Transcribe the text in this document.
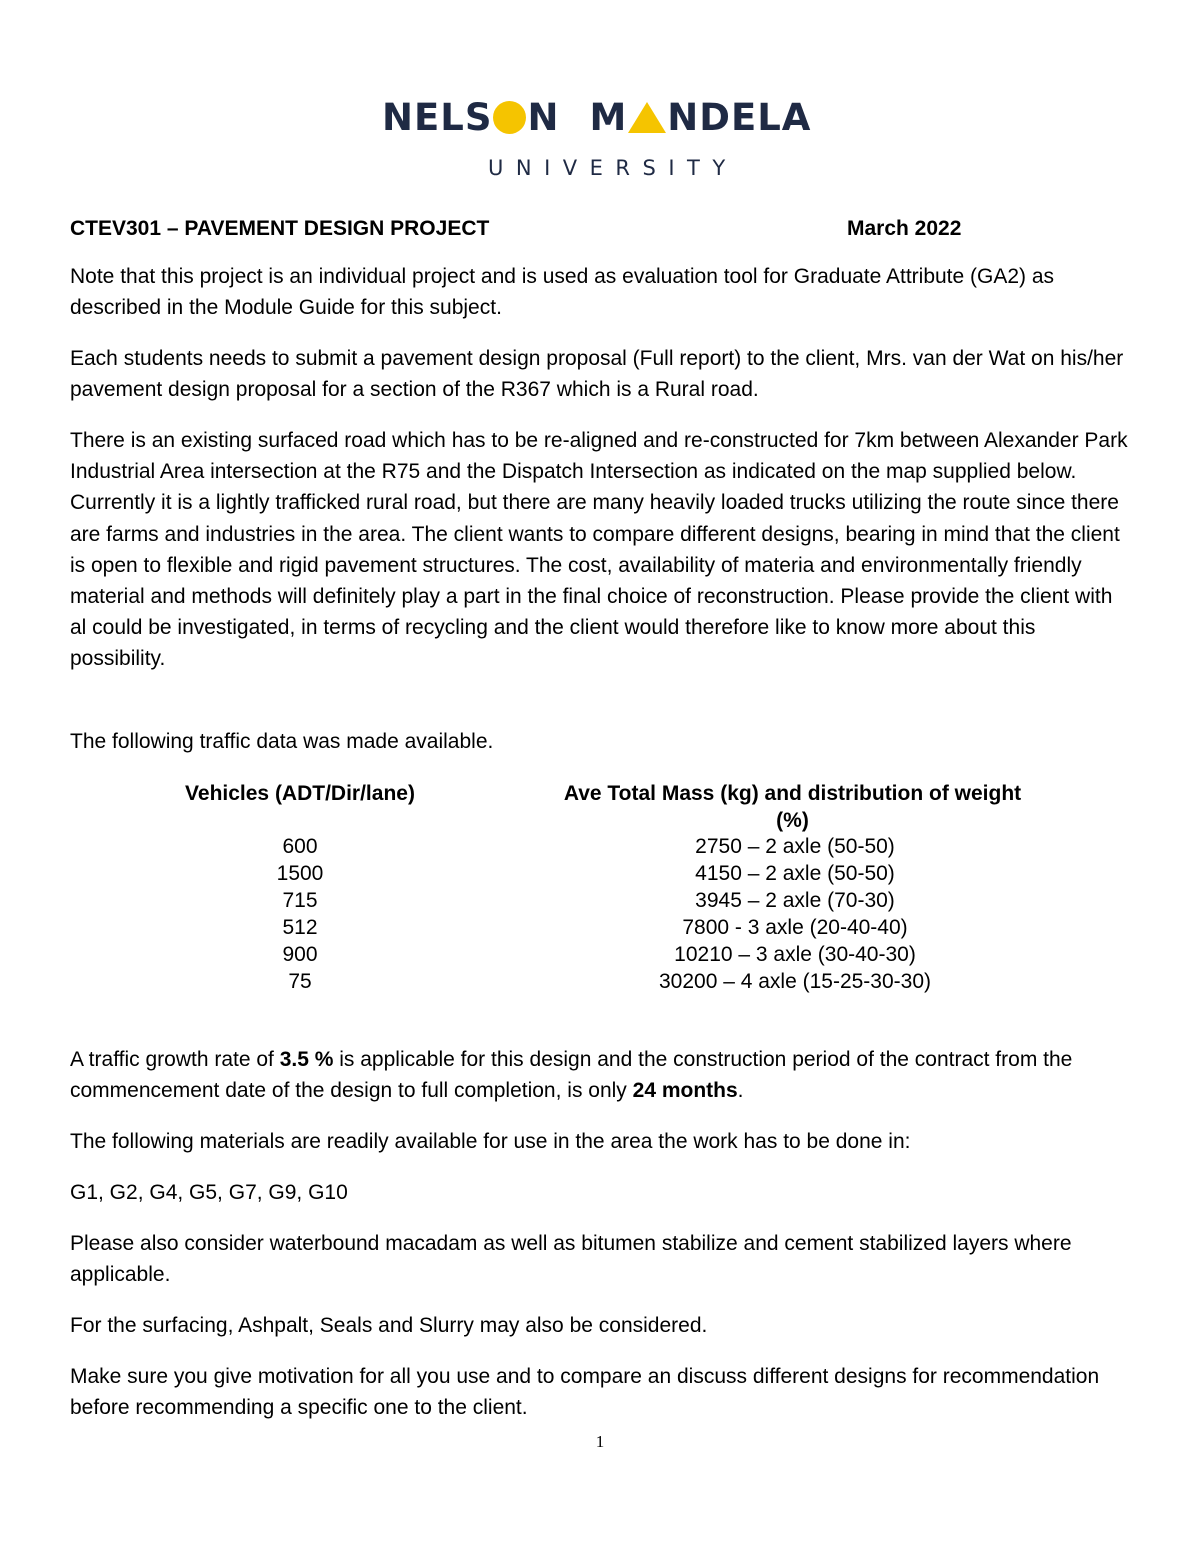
NELS N M NDELA
UNIVERSITY
CTEV301 – PAVEMENT DESIGN PROJECT	March 2022

Note that this project is an individual project and is used as evaluation tool for Graduate Attribute (GA2) as described in the Module Guide for this subject.

Each students needs to submit a pavement design proposal (Full report) to the client, Mrs. van der Wat on his/her pavement design proposal for a section of the R367 which is a Rural road.

There is an existing surfaced road which has to be re-aligned and re-constructed for 7km between Alexander Park Industrial Area intersection at the R75 and the Dispatch Intersection as indicated on the map supplied below. Currently it is a lightly trafficked rural road, but there are many heavily loaded trucks utilizing the route since there are farms and industries in the area. The client wants to compare different designs, bearing in mind that the client is open to flexible and rigid pavement structures. The cost, availability of materia and environmentally friendly material and methods will definitely play a part in the final choice of reconstruction. Please provide the client with al could be investigated, in terms of recycling and the client would therefore like to know more about this possibility.

The following traffic data was made available.

Vehicles (ADT/Dir/lane)	Ave Total Mass (kg) and distribution of weight (%)
600	2750 – 2 axle (50-50)
1500	4150 – 2 axle (50-50)
715	3945 – 2 axle (70-30)
512	7800 - 3 axle (20-40-40)
900	10210 – 3 axle (30-40-30)
75	30200 – 4 axle (15-25-30-30)

A traffic growth rate of 3.5 % is applicable for this design and the construction period of the contract from the commencement date of the design to full completion, is only 24 months.

The following materials are readily available for use in the area the work has to be done in:

G1, G2, G4, G5, G7, G9, G10

Please also consider waterbound macadam as well as bitumen stabilize and cement stabilized layers where applicable.

For the surfacing, Ashpalt, Seals and Slurry may also be considered.

Make sure you give motivation for all you use and to compare an discuss different designs for recommendation before recommending a specific one to the client.

1
